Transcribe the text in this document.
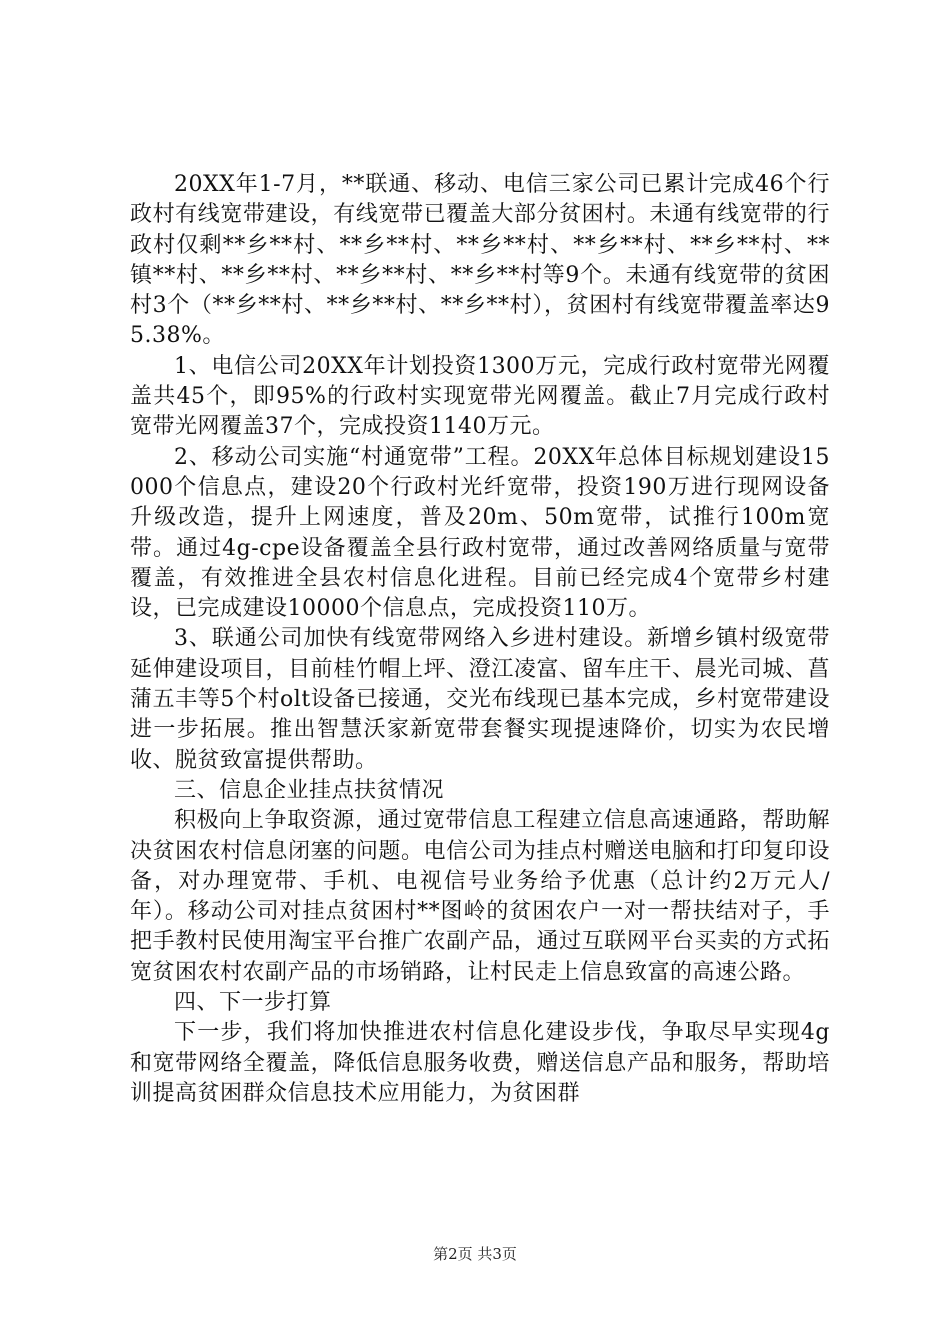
20XX年1-7月，**联通、移动、电信三家公司已累计完成46个行政村有线宽带建设，有线宽带已覆盖大部分贫困村。未通有线宽带的行政村仅剩**乡**村、**乡**村、**乡**村、**乡**村、**乡**村、**镇**村、**乡**村、**乡**村、**乡**村等9个。未通有线宽带的贫困村3个（**乡**村、**乡**村、**乡**村），贫困村有线宽带覆盖率达95.38%。

1、电信公司20XX年计划投资1300万元，完成行政村宽带光网覆盖共45个，即95%的行政村实现宽带光网覆盖。截止7月完成行政村宽带光网覆盖37个，完成投资1140万元。

2、移动公司实施“村通宽带”工程。20XX年总体目标规划建设15000个信息点，建设20个行政村光纤宽带，投资190万进行现网设备升级改造，提升上网速度，普及20m、50m宽带，试推行100m宽带。通过4g-cpe设备覆盖全县行政村宽带，通过改善网络质量与宽带覆盖，有效推进全县农村信息化进程。目前已经完成4个宽带乡村建设，已完成建设10000个信息点，完成投资110万。

3、联通公司加快有线宽带网络入乡进村建设。新增乡镇村级宽带延伸建设项目，目前桂竹帽上坪、澄江凌富、留车庄干、晨光司城、菖蒲五丰等5个村olt设备已接通，交光布线现已基本完成，乡村宽带建设进一步拓展。推出智慧沃家新宽带套餐实现提速降价，切实为农民增收、脱贫致富提供帮助。

三、信息企业挂点扶贫情况

积极向上争取资源，通过宽带信息工程建立信息高速通路，帮助解决贫困农村信息闭塞的问题。电信公司为挂点村赠送电脑和打印复印设备，对办理宽带、手机、电视信号业务给予优惠（总计约2万元人/年）。移动公司对挂点贫困村**图岭的贫困农户一对一帮扶结对子，手把手教村民使用淘宝平台推广农副产品，通过互联网平台买卖的方式拓宽贫困农村农副产品的市场销路，让村民走上信息致富的高速公路。

四、下一步打算

下一步，我们将加快推进农村信息化建设步伐，争取尽早实现4g和宽带网络全覆盖，降低信息服务收费，赠送信息产品和服务，帮助培训提高贫困群众信息技术应用能力，为贫困群

第2页 共3页
